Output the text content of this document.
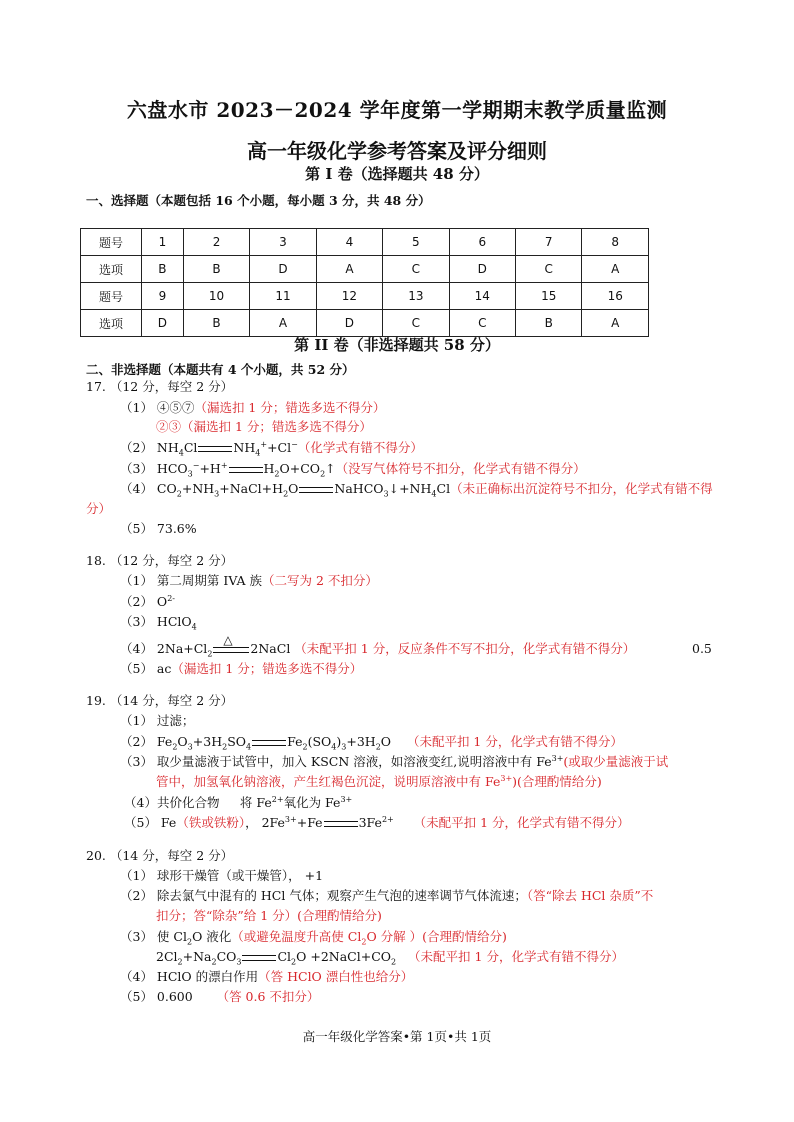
六盘水市 2023－2024 学年度第一学期期末教学质量监测
高一年级化学参考答案及评分细则
第 I 卷（选择题共 48 分）
一、选择题（本题包括 16 个小题，每小题 3 分，共 48 分）
题号	1	2	3	4	5	6	7	8
选项	B	B	D	A	C	D	C	A
题号	9	10	11	12	13	14	15	16
选项	D	B	A	D	C	C	B	A
第 II 卷（非选择题共 58 分）
二、非选择题（本题共有 4 个小题，共 52 分）
17. （12 分，每空 2 分）
（1） ④⑤⑦（漏选扣 1 分；错选多选不得分）
②③（漏选扣 1 分；错选多选不得分）
（2） $NH_4Cl$	$NH_4^++Cl^-$（化学式有错不得分）
（3） $HCO_3^-+H^+$	$H_2O+CO_2↑$（没写气体符号不扣分，化学式有错不得分）
（4） $CO_2+NH_3+NaCl+H_2O$	$NaHCO_3↓+NH_4Cl$（未正确标出沉淀符号不扣分，化学式有错不得
分）
（5） 73.6%
18. （12 分，每空 2 分）
（1） 第二周期第 IVA 族（二写为 2 不扣分）
（2） $O^{2-}$
（3） HClO$_4$
（4） $2Na+Cl_2$
△
2NaCl （未配平扣 1 分，反应条件不写不扣分，化学式有错不得分）	0.5
（5） ac（漏选扣 1 分；错选多选不得分）
19. （14 分，每空 2 分）
（1） 过滤；
（2） $Fe_2O_3+3H_2SO_4$	$Fe_2(SO_4)_3+3H_2O$    （未配平扣 1 分，化学式有错不得分）
（3） 取少量滤液于试管中，加入 KSCN 溶液，如溶液变红,说明溶液中有 $Fe^{3+}$(或取少量滤液于试
管中，加氢氧化钠溶液，产生红褐色沉淀，说明原溶液中有 $Fe^{3+}$)(合理酌情给分)
（4）共价化合物 　 将 $Fe^{2+}$氧化为 $Fe^{3+}$
（5） Fe（铁或铁粉）， $2Fe^{3+}+Fe$	$3Fe^{2+}$ （未配平扣 1 分，化学式有错不得分）
20. （14 分，每空 2 分）
（1） 球形干燥管（或干燥管）， +1
（2） 除去氯气中混有的 HCl 气体；观察产生气泡的速率调节气体流速；（答“除去 HCl 杂质”不
扣分；答“除杂”给 1 分）(合理酌情给分)
（3） 使 $Cl_2O$ 液化（或避免温度升高使 $Cl_2O$ 分解 ）(合理酌情给分)
$2Cl_2+Na_2CO_3$	$Cl_2O$ $+2NaCl+CO_2$ （未配平扣 1 分，化学式有错不得分）
（4） HClO 的漂白作用（答 HClO 漂白性也给分）
（5） 0.600 （答 0.6 不扣分）
高一年级化学答案•第 1页•共 1页
